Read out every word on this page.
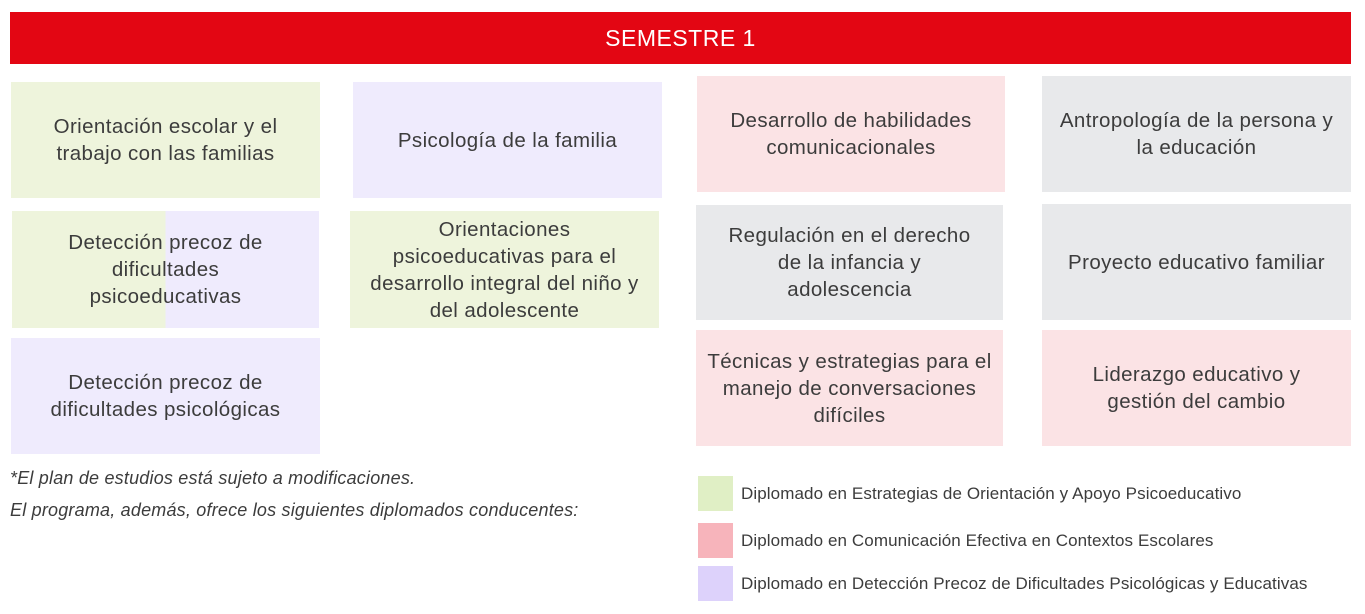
SEMESTRE 1
Orientación escolar y el trabajo con las familias
Psicología de la familia
Desarrollo de habilidades comunicacionales
Antropología de la persona y la educación
Detección precoz de dificultades psicoeducativas
Orientaciones psicoeducativas para el desarrollo integral del niño y del adolescente
Regulación en el derecho de la infancia y adolescencia
Proyecto educativo familiar
Detección precoz de dificultades psicológicas
Técnicas y estrategias para el manejo de conversaciones difíciles
Liderazgo educativo y gestión del cambio
*El plan de estudios está sujeto a modificaciones.
El programa, además, ofrece los siguientes diplomados conducentes:
Diplomado en Estrategias de Orientación y Apoyo Psicoeducativo
Diplomado en Comunicación Efectiva en Contextos Escolares
Diplomado en Detección Precoz de Dificultades Psicológicas y Educativas
